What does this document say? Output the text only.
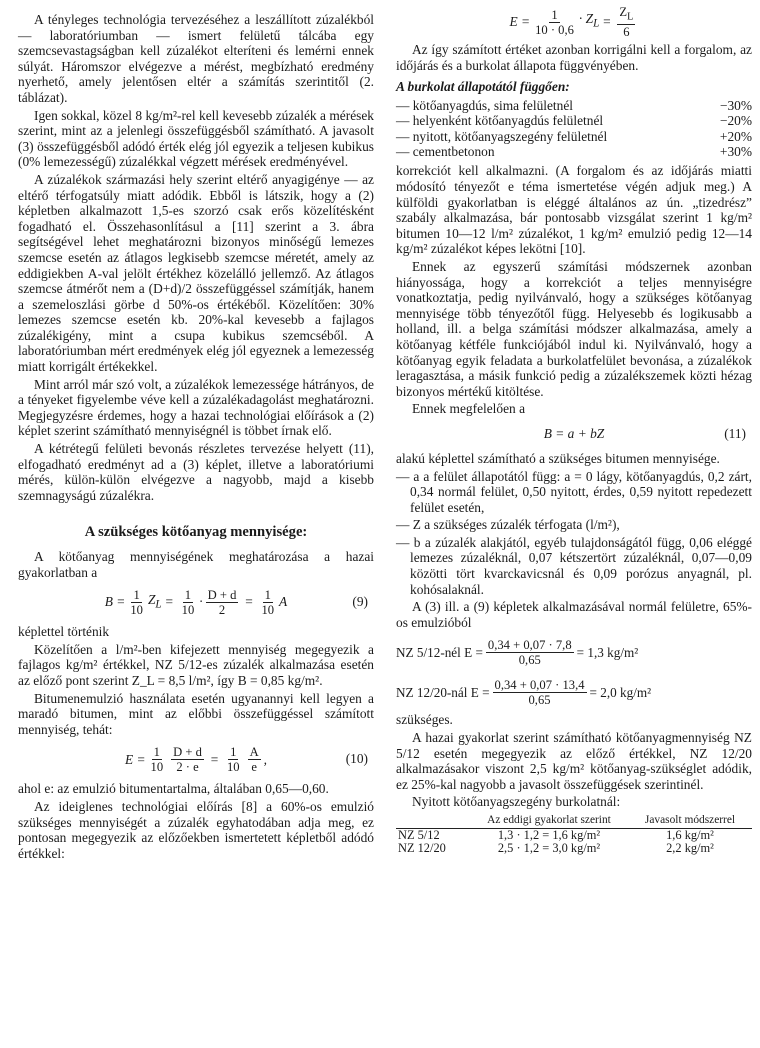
A tényleges technológia tervezéséhez a leszállított zúzalékból — laboratóriumban — ismert felületű tálcába egy szemcsevastagságban kell zúzalékot elteríteni és lemérni ennek súlyát. Háromszor elvégezve a mérést, megbízható eredmény nyerhető, amely jelentősen eltér a számítás szerintitől (2. táblázat).

Igen sokkal, közel 8 kg/m²-rel kell kevesebb zúzalék a mérések szerint, mint az a jelenlegi összefüggésből számítható. A javasolt (3) összefüggésből adódó érték elég jól egyezik a teljesen kubikus (0% lemezességű) zúzalékkal végzett mérések eredményével.

A zúzalékok származási hely szerint eltérő anyagigénye — az eltérő térfogatsúly miatt adódik. Ebből is látszik, hogy a (2) képletben alkalmazott 1,5-es szorzó csak erős közelítésként fogadható el. Összehasonlításul a [11] szerint a 3. ábra segítségével lehet meghatározni bizonyos minőségű lemezes szemcse esetén az átlagos legkisebb szemcse méretét, amely az eddigiekben A-val jelölt értékhez közelálló jellemző. Az átlagos szemcse átmérőt nem a (D+d)/2 összefüggéssel számítják, hanem a szemeloszlási görbe d 50%-os értékéből. Közelítően: 30% lemezes szemcse esetén kb. 20%-kal kevesebb a fajlagos zúzalékigény, mint a csupa kubikus szemcséből. A laboratóriumban mért eredmények elég jól egyeznek a lemezesség miatt korrigált értékekkel.

Mint arról már szó volt, a zúzalékok lemezessége hátrányos, de a tényeket figyelembe véve kell a zúzalékadagolást meghatározni. Megjegyzésre érdemes, hogy a hazai technológiai előírások a (2) képlet szerint számítható mennyiségnél is többet írnak elő.

A kétrétegű felületi bevonás részletes tervezése helyett (11), elfogadható eredményt ad a (3) képlet, illetve a laboratóriumi mérés, külön-külön elvégezve a nagyobb, majd a kisebb szemnagyságú zúzalékra.

A szükséges kötőanyag mennyisége:

A kötőanyag mennyiségének meghatározása a hazai gyakorlatban a

$B = \frac{1}{10} Z_L = \frac{1}{10} \cdot \frac{D + d}{2} = \frac{1}{10}$ A	(9)

képlettel történik

Közelítően a l/m²-ben kifejezett mennyiség megegyezik a fajlagos kg/m² értékkel, NZ 5/12-es zúzalék alkalmazása esetén az előző pont szerint Z_L = 8,5 l/m², így B = 0,85 kg/m².

Bitumenemulzió használata esetén ugyanannyi kell legyen a maradó bitumen, mint az előbbi összefüggéssel számított mennyiség, tehát:

$E = \frac{1}{10} \frac{D + d}{2 \cdot e} = \frac{1}{10} \frac{A}{e}$ ,	(10)

ahol e: az emulzió bitumentartalma, általában 0,65—0,60.

Az ideiglenes technológiai előírás [8] a 60%-os emulzió szükséges mennyiségét a zúzalék egyhatodában adja meg, ez pontosan megegyezik az előzőekben ismertetett képletből adódó értékkel:

$E = \frac{1}{10 \cdot 0,6} \cdot Z_L = \frac{Z_L}{6}$

Az így számított értéket azonban korrigálni kell a forgalom, az időjárás és a burkolat állapota függvényében.

A burkolat állapotától függően:
— kötőanyagdús, sima felületnél	−30%
— helyenként kötőanyagdús felületnél	−20%
— nyitott, kötőanyagszegény felületnél	+20%
— cementbetonon	+30%

korrekciót kell alkalmazni. (A forgalom és az időjárás miatti módosító tényezőt e téma ismertetése végén adjuk meg.) A külföldi gyakorlatban is eléggé általános az ún. „tizedrész” szabály alkalmazása, bár pontosabb vizsgálat szerint 1 kg/m² bitumen 10—12 l/m² zúzalékot, 1 kg/m² emulzió pedig 12—14 kg/m² zúzalékot képes lekötni [10].

Ennek az egyszerű számítási módszernek azonban hiányossága, hogy a korrekciót a teljes mennyiségre vonatkoztatja, pedig nyilvánvaló, hogy a szükséges kötőanyag mennyisége több tényezőtől függ. Helyesebb és logikusabb a holland, ill. a belga számítási módszer alkalmazása, amely a kötőanyag kétféle funkciójából indul ki. Nyilvánvaló, hogy a kötőanyag egyik feladata a burkolatfelület bevonása, a zúzalékok leragasztása, a másik funkció pedig a zúzalékszemek közti hézag bizonyos mértékű kitöltése.

Ennek megfelelően a

B = a + bZ	(11)

alakú képlettel számítható a szükséges bitumen mennyisége.

— a a felület állapotától függ: a = 0 lágy, kötőanyagdús, 0,2 zárt, 0,34 normál felület, 0,50 nyitott, érdes, 0,59 nyitott repedezett felület esetén,

— Z a szükséges zúzalék térfogata (l/m²),

— b a zúzalék alakjától, egyéb tulajdonságától függ, 0,06 eléggé lemezes zúzaléknál, 0,07 kétszertört zúzaléknál, 0,07—0,09 közötti tört kvarckavicsnál és 0,09 porózus anyagnál, pl. kohósalaknál.

A (3) ill. a (9) képletek alkalmazásával normál felületre, 65%-os emulzióból

NZ 5/12-nél $E = \frac{0,34 + 0,07 \cdot 7,8}{0,65} = 1,3$ kg/m²
NZ 12/20-nál $E = \frac{0,34 + 0,07 \cdot 13,4}{0,65} = 2,0$ kg/m²

szükséges.

A hazai gyakorlat szerint számítható kötőanyagmennyiség NZ 5/12 esetén megegyezik az előző értékkel, NZ 12/20 alkalmazásakor viszont 2,5 kg/m² kötőanyag-szükséglet adódik, ez 25%-kal nagyobb a javasolt összefüggések szerintinél.

Nyitott kötőanyagszegény burkolatnál:

	Az eddigi gyakorlat szerint	Javasolt módszerrel
NZ 5/12	1,3 · 1,2 = 1,6 kg/m²	1,6 kg/m²
NZ 12/20	2,5 · 1,2 = 3,0 kg/m²	2,2 kg/m²
